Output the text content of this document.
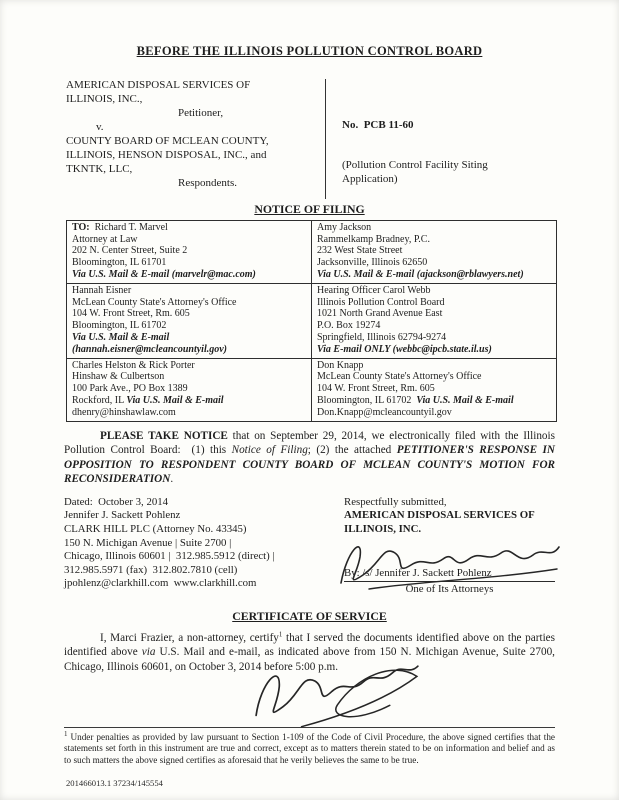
BEFORE THE ILLINOIS POLLUTION CONTROL BOARD
AMERICAN DISPOSAL SERVICES OF
ILLINOIS, INC.,
Petitioner,
v.
COUNTY BOARD OF MCLEAN COUNTY,
ILLINOIS, HENSON DISPOSAL, INC., and
TKNTK, LLC,
Respondents.
No.  PCB 11-60
(Pollution Control Facility Siting
Application)
NOTICE OF FILING
TO:  Richard T. Marvel
Attorney at Law
202 N. Center Street, Suite 2
Bloomington, IL 61701
Via U.S. Mail & E-mail (marvelr@mac.com)

Amy Jackson
Rammelkamp Bradney, P.C.
232 West State Street
Jacksonville, Illinois 62650
Via U.S. Mail & E-mail (ajackson@rblawyers.net)

Hannah Eisner
McLean County State's Attorney's Office
104 W. Front Street, Rm. 605
Bloomington, IL 61702
Via U.S. Mail & E-mail
(hannah.eisner@mcleancountyil.gov)

Hearing Officer Carol Webb
Illinois Pollution Control Board
1021 North Grand Avenue East
P.O. Box 19274
Springfield, Illinois 62794-9274
Via E-mail ONLY (webbc@ipcb.state.il.us)

Charles Helston & Rick Porter
Hinshaw & Culbertson
100 Park Ave., PO Box 1389
Rockford, IL Via U.S. Mail & E-mail
dhenry@hinshawlaw.com

Don Knapp
McLean County State's Attorney's Office
104 W. Front Street, Rm. 605
Bloomington, IL 61702  Via U.S. Mail & E-mail
Don.Knapp@mcleancountyil.gov

PLEASE TAKE NOTICE that on September 29, 2014, we electronically filed with the Illinois Pollution Control Board:  (1) this Notice of Filing; (2) the attached PETITIONER'S RESPONSE IN OPPOSITION TO RESPONDENT COUNTY BOARD OF MCLEAN COUNTY'S MOTION FOR RECONSIDERATION.

Dated:  October 3, 2014
Jennifer J. Sackett Pohlenz
CLARK HILL PLC (Attorney No. 43345)
150 N. Michigan Avenue | Suite 2700 |
Chicago, Illinois 60601 |  312.985.5912 (direct) |
312.985.5971 (fax)  312.802.7810 (cell)
jpohlenz@clarkhill.com  www.clarkhill.com
Respectfully submitted,
AMERICAN DISPOSAL SERVICES OF
ILLINOIS, INC.
By: /s/ Jennifer J. Sackett Pohlenz
One of Its Attorneys
CERTIFICATE OF SERVICE

I, Marci Frazier, a non-attorney, certify$^1$ that I served the documents identified above on the parties identified above via U.S. Mail and e-mail, as indicated above from 150 N. Michigan Avenue, Suite 2700, Chicago, Illinois 60601, on October 3, 2014 before 5:00 p.m.

$^1$ Under penalties as provided by law pursuant to Section 1-109 of the Code of Civil Procedure, the above signed certifies that the statements set forth in this instrument are true and correct, except as to matters therein stated to be on information and belief and as to such matters the above signed certifies as aforesaid that he verily believes the same to be true.

201466013.1 37234/145554
